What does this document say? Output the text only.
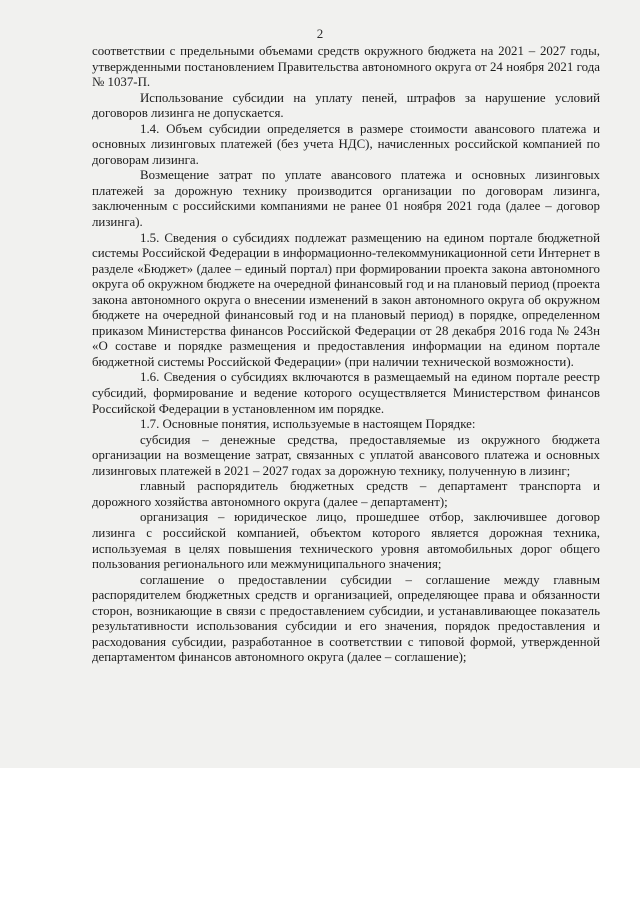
2

соответствии с предельными объемами средств окружного бюджета на 2021 – 2027 годы, утвержденными постановлением Правительства автономного округа от 24 ноября 2021 года № 1037-П.

Использование субсидии на уплату пеней, штрафов за нарушение условий договоров лизинга не допускается.

1.4. Объем субсидии определяется в размере стоимости авансового платежа и основных лизинговых платежей (без учета НДС), начисленных российской компанией по договорам лизинга.

Возмещение затрат по уплате авансового платежа и основных лизинговых платежей за дорожную технику производится организации по договорам лизинга, заключенным с российскими компаниями не ранее 01 ноября 2021 года (далее – договор лизинга).

1.5. Сведения о субсидиях подлежат размещению на едином портале бюджетной системы Российской Федерации в информационно-телекоммуникационной сети Интернет в разделе «Бюджет» (далее – единый портал) при формировании проекта закона автономного округа об окружном бюджете на очередной финансовый год и на плановый период (проекта закона автономного округа о внесении изменений в закон автономного округа об окружном бюджете на очередной финансовый год и на плановый период) в порядке, определенном приказом Министерства финансов Российской Федерации от 28 декабря 2016 года № 243н «О составе и порядке размещения и предоставления информации на едином портале бюджетной системы Российской Федерации» (при наличии технической возможности).

1.6. Сведения о субсидиях включаются в размещаемый на едином портале реестр субсидий, формирование и ведение которого осуществляется Министерством финансов Российской Федерации в установленном им порядке.

1.7. Основные понятия, используемые в настоящем Порядке:

субсидия – денежные средства, предоставляемые из окружного бюджета организации на возмещение затрат, связанных с уплатой авансового платежа и основных лизинговых платежей в 2021 – 2027 годах за дорожную технику, полученную в лизинг;

главный распорядитель бюджетных средств – департамент транспорта и дорожного хозяйства автономного округа (далее – департамент);

организация – юридическое лицо, прошедшее отбор, заключившее договор лизинга с российской компанией, объектом которого является дорожная техника, используемая в целях повышения технического уровня автомобильных дорог общего пользования регионального или межмуниципального значения;

соглашение о предоставлении субсидии – соглашение между главным распорядителем бюджетных средств и организацией, определяющее права и обязанности сторон, возникающие в связи с предоставлением субсидии, и устанавливающее показатель результативности использования субсидии и его значения, порядок предоставления и расходования субсидии, разработанное в соответствии с типовой формой, утвержденной департаментом финансов автономного округа (далее – соглашение);
